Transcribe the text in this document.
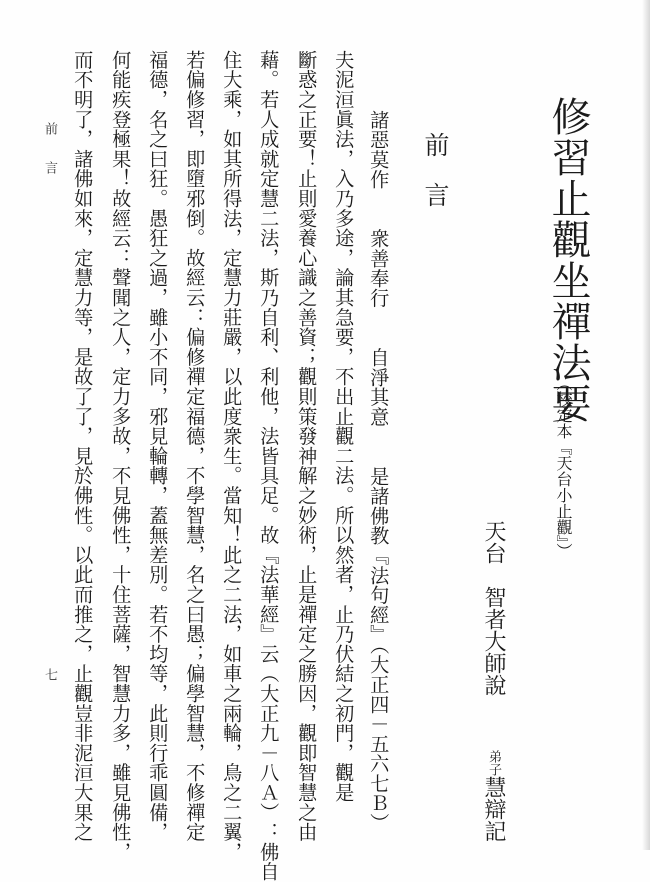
修習止觀坐禪法要
（校定本『天台小止觀』）
天台　智者大師說
弟子
慧辯記
前　言
諸惡莫作　　衆善奉行　　自淨其意　　是諸佛教『法句經』（大正四－五六七Ｂ）
夫泥洹眞法，入乃多途，論其急要，不出止觀二法。所以然者，止乃伏結之初門，觀是
斷惑之正要！止則愛養心識之善資；觀則策發神解之妙術，止是禪定之勝因，觀即智慧之由
藉。若人成就定慧二法，斯乃自利、利他，法皆具足。故『法華經』云（大正九－八Ａ）：佛自
住大乘，如其所得法，定慧力莊嚴，以此度衆生。當知！此之二法，如車之兩輪，鳥之二翼，
若偏修習，即墮邪倒。故經云：偏修禪定福德，不學智慧，名之曰愚；偏學智慧，不修禪定
福德，名之曰狂。愚狂之過，雖小不同，邪見輪轉，蓋無差別。若不均等，此則行乖圓備，
何能疾登極果！故經云：聲聞之人，定力多故，不見佛性，十住菩薩，智慧力多，雖見佛性，
而不明了，諸佛如來，定慧力等，是故了了，見於佛性。以此而推之，止觀豈非泥洹大果之
前　　言
七
